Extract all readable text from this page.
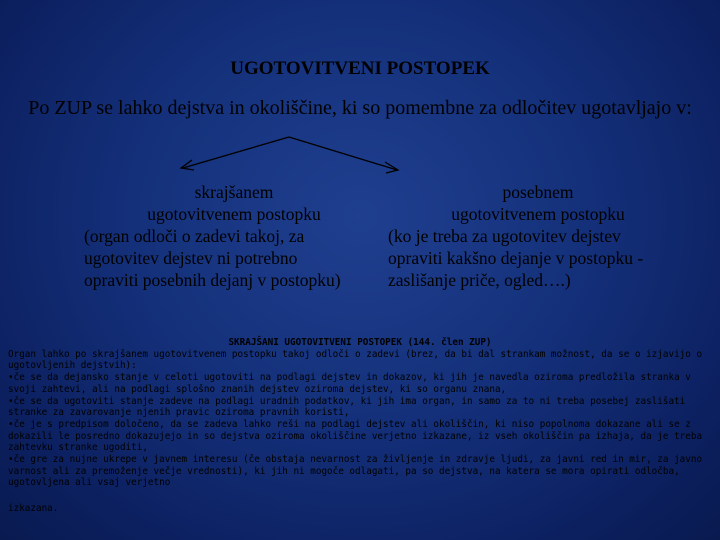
UGOTOVITVENI POSTOPEK
Po ZUP se lahko dejstva in okoliščine, ki so pomembne za odločitev ugotavljajo v:
skrajšanem
ugotovitvenem postopku
(organ odloči o zadevi takoj, za
ugotovitev dejstev ni potrebno
opraviti posebnih dejanj v postopku)
posebnem
ugotovitvenem postopku
(ko je treba za ugotovitev dejstev
opraviti kakšno dejanje v postopku -
zaslišanje priče, ogled….)

SKRAJŠANI UGOTOVITVENI POSTOPEK (144. člen ZUP)

Organ lahko po skrajšanem ugotovitvenem postopku takoj odloči o zadevi (brez, da bi dal strankam možnost, da se o izjavijo o ugotovljenih dejstvih):

•če se da dejansko stanje v celoti ugotoviti na podlagi dejstev in dokazov, ki jih je navedla oziroma predložila stranka v svoji zahtevi, ali na podlagi splošno znanih dejstev oziroma dejstev, ki so organu znana,

•če se da ugotoviti stanje zadeve na podlagi uradnih podatkov, ki jih ima organ, in samo za to ni treba posebej zaslišati stranke za zavarovanje njenih pravic oziroma pravnih koristi,

•če je s predpisom določeno, da se zadeva lahko reši na podlagi dejstev ali okoliščin, ki niso popolnoma dokazane ali se z dokazili le posredno dokazujejo in so dejstva oziroma okoliščine verjetno izkazane, iz vseh okoliščin pa izhaja, da je treba zahtevku stranke ugoditi,

•če gre za nujne ukrepe v javnem interesu (če obstaja nevarnost za življenje in zdravje ljudi, za javni red in mir, za javno varnost ali za premoženje večje vrednosti), ki jih ni mogoče odlagati, pa so dejstva, na katera se mora opirati odločba, ugotovljena ali vsaj verjetno

izkazana.
